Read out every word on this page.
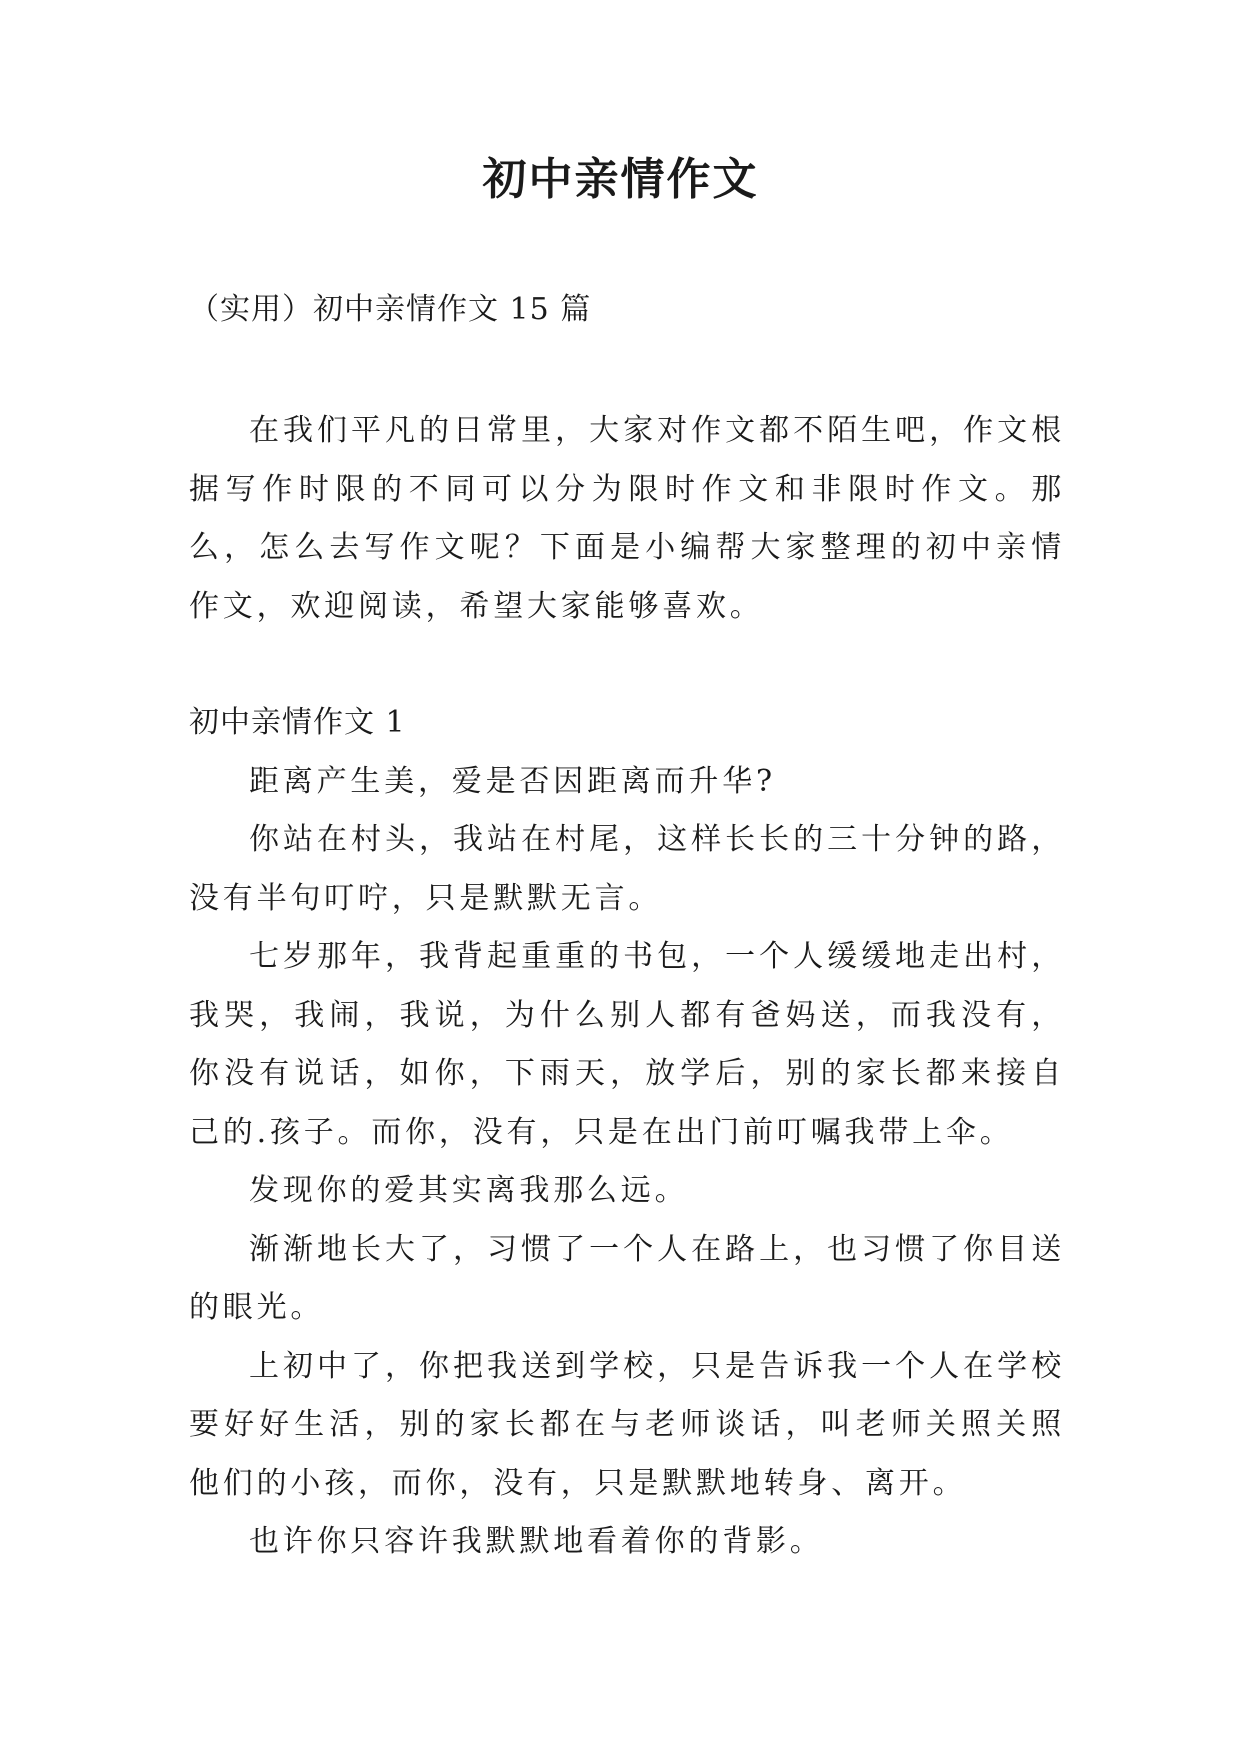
初中亲情作文
（实用）初中亲情作文 15 篇

在我们平凡的日常里，大家对作文都不陌生吧，作文根据写作时限的不同可以分为限时作文和非限时作文。那么，怎么去写作文呢？下面是小编帮大家整理的初中亲情作文，欢迎阅读，希望大家能够喜欢。

初中亲情作文 1

距离产生美，爱是否因距离而升华?

你站在村头，我站在村尾，这样长长的三十分钟的路，没有半句叮咛，只是默默无言。

七岁那年，我背起重重的书包，一个人缓缓地走出村，我哭，我闹，我说，为什么别人都有爸妈送，而我没有，你没有说话，如你，下雨天，放学后，别的家长都来接自己的.孩子。而你，没有，只是在出门前叮嘱我带上伞。

发现你的爱其实离我那么远。

渐渐地长大了，习惯了一个人在路上，也习惯了你目送的眼光。

上初中了，你把我送到学校，只是告诉我一个人在学校要好好生活，别的家长都在与老师谈话，叫老师关照关照他们的小孩，而你，没有，只是默默地转身、离开。

也许你只容许我默默地看着你的背影。
